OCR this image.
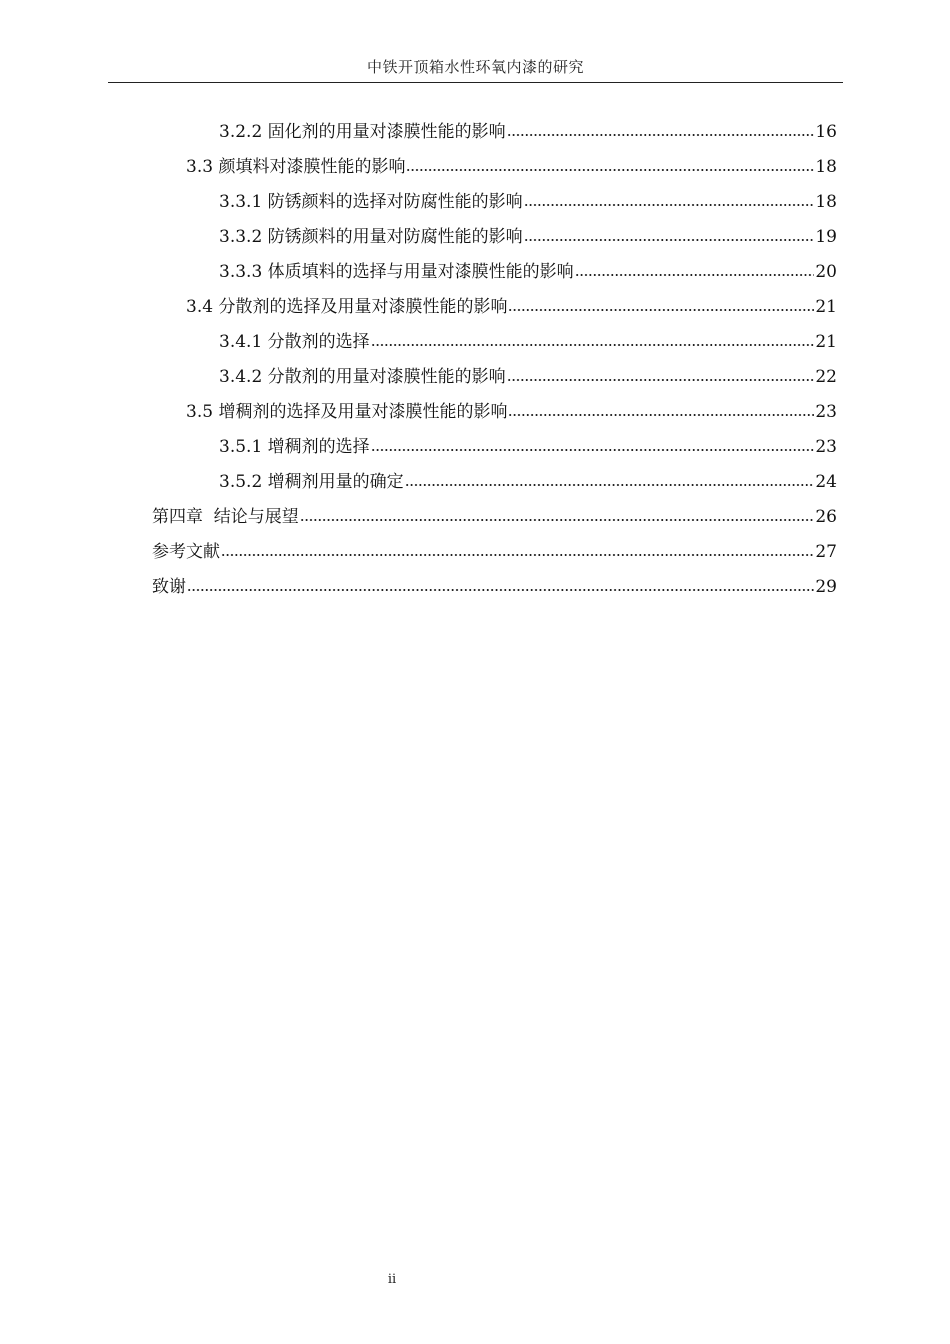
中铁开顶箱水性环氧内漆的研究
3.2.2 固化剂的用量对漆膜性能的影响	16
3.3 颜填料对漆膜性能的影响	18
3.3.1 防锈颜料的选择对防腐性能的影响	18
3.3.2 防锈颜料的用量对防腐性能的影响	19
3.3.3 体质填料的选择与用量对漆膜性能的影响	20
3.4 分散剂的选择及用量对漆膜性能的影响	21
3.4.1 分散剂的选择	21
3.4.2 分散剂的用量对漆膜性能的影响	22
3.5 增稠剂的选择及用量对漆膜性能的影响	23
3.5.1 增稠剂的选择	23
3.5.2 增稠剂用量的确定	24
第四章  结论与展望	26
参考文献	27
致谢	29
ii
